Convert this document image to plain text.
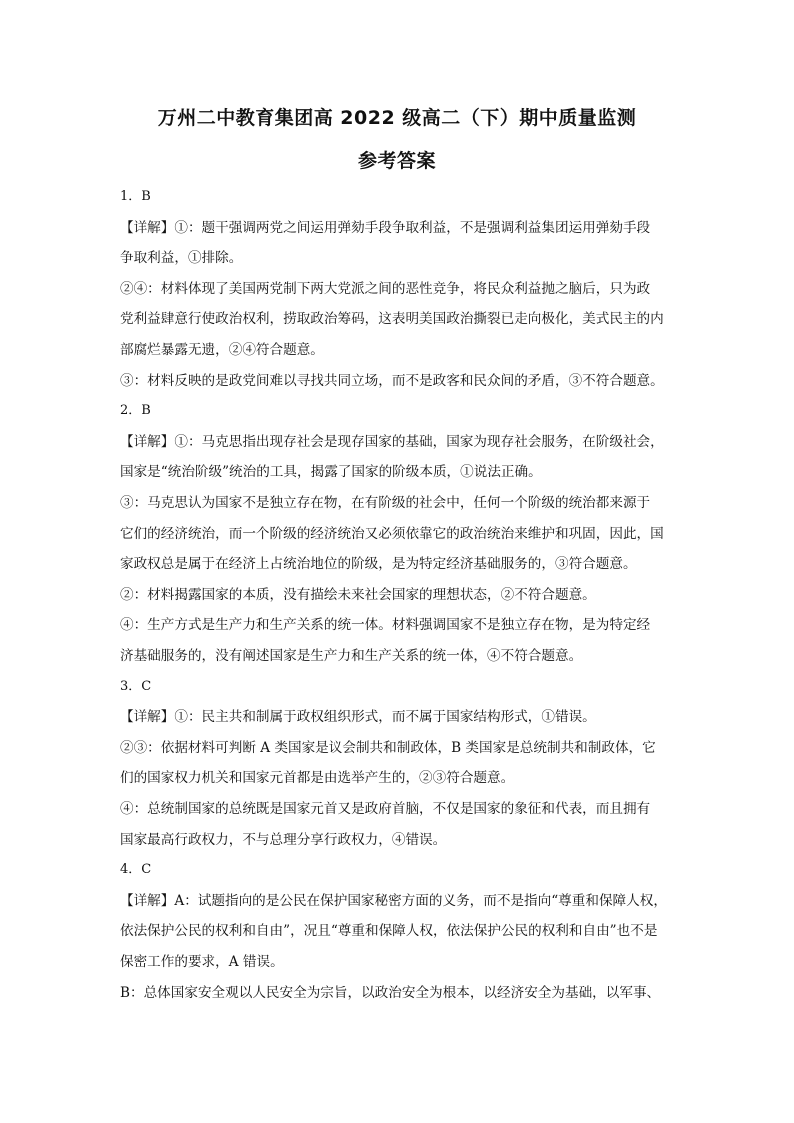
万州二中教育集团高 2022 级高二（下）期中质量监测
参考答案
1．B
【详解】①：题干强调两党之间运用弹劾手段争取利益，不是强调利益集团运用弹劾手段
争取利益，①排除。
②④：材料体现了美国两党制下两大党派之间的恶性竞争，将民众利益抛之脑后，只为政
党利益肆意行使政治权利，捞取政治筹码，这表明美国政治撕裂已走向极化，美式民主的内
部腐烂暴露无遗，②④符合题意。
③：材料反映的是政党间难以寻找共同立场，而不是政客和民众间的矛盾，③不符合题意。
2．B
【详解】①：马克思指出现存社会是现存国家的基础，国家为现存社会服务，在阶级社会，
国家是“统治阶级”统治的工具，揭露了国家的阶级本质，①说法正确。
③：马克思认为国家不是独立存在物，在有阶级的社会中，任何一个阶级的统治都来源于
它们的经济统治，而一个阶级的经济统治又必须依靠它的政治统治来维护和巩固，因此，国
家政权总是属于在经济上占统治地位的阶级，是为特定经济基础服务的，③符合题意。
②：材料揭露国家的本质，没有描绘未来社会国家的理想状态，②不符合题意。
④：生产方式是生产力和生产关系的统一体。材料强调国家不是独立存在物，是为特定经
济基础服务的，没有阐述国家是生产力和生产关系的统一体，④不符合题意。
3．C
【详解】①：民主共和制属于政权组织形式，而不属于国家结构形式，①错误。
②③：依据材料可判断 A 类国家是议会制共和制政体，B 类国家是总统制共和制政体，它
们的国家权力机关和国家元首都是由选举产生的，②③符合题意。
④：总统制国家的总统既是国家元首又是政府首脑，不仅是国家的象征和代表，而且拥有
国家最高行政权力，不与总理分享行政权力，④错误。
4．C
【详解】A：试题指向的是公民在保护国家秘密方面的义务，而不是指向“尊重和保障人权，
依法保护公民的权利和自由”，况且“尊重和保障人权，依法保护公民的权利和自由”也不是
保密工作的要求，A 错误。
B：总体国家安全观以人民安全为宗旨，以政治安全为根本，以经济安全为基础，以军事、
